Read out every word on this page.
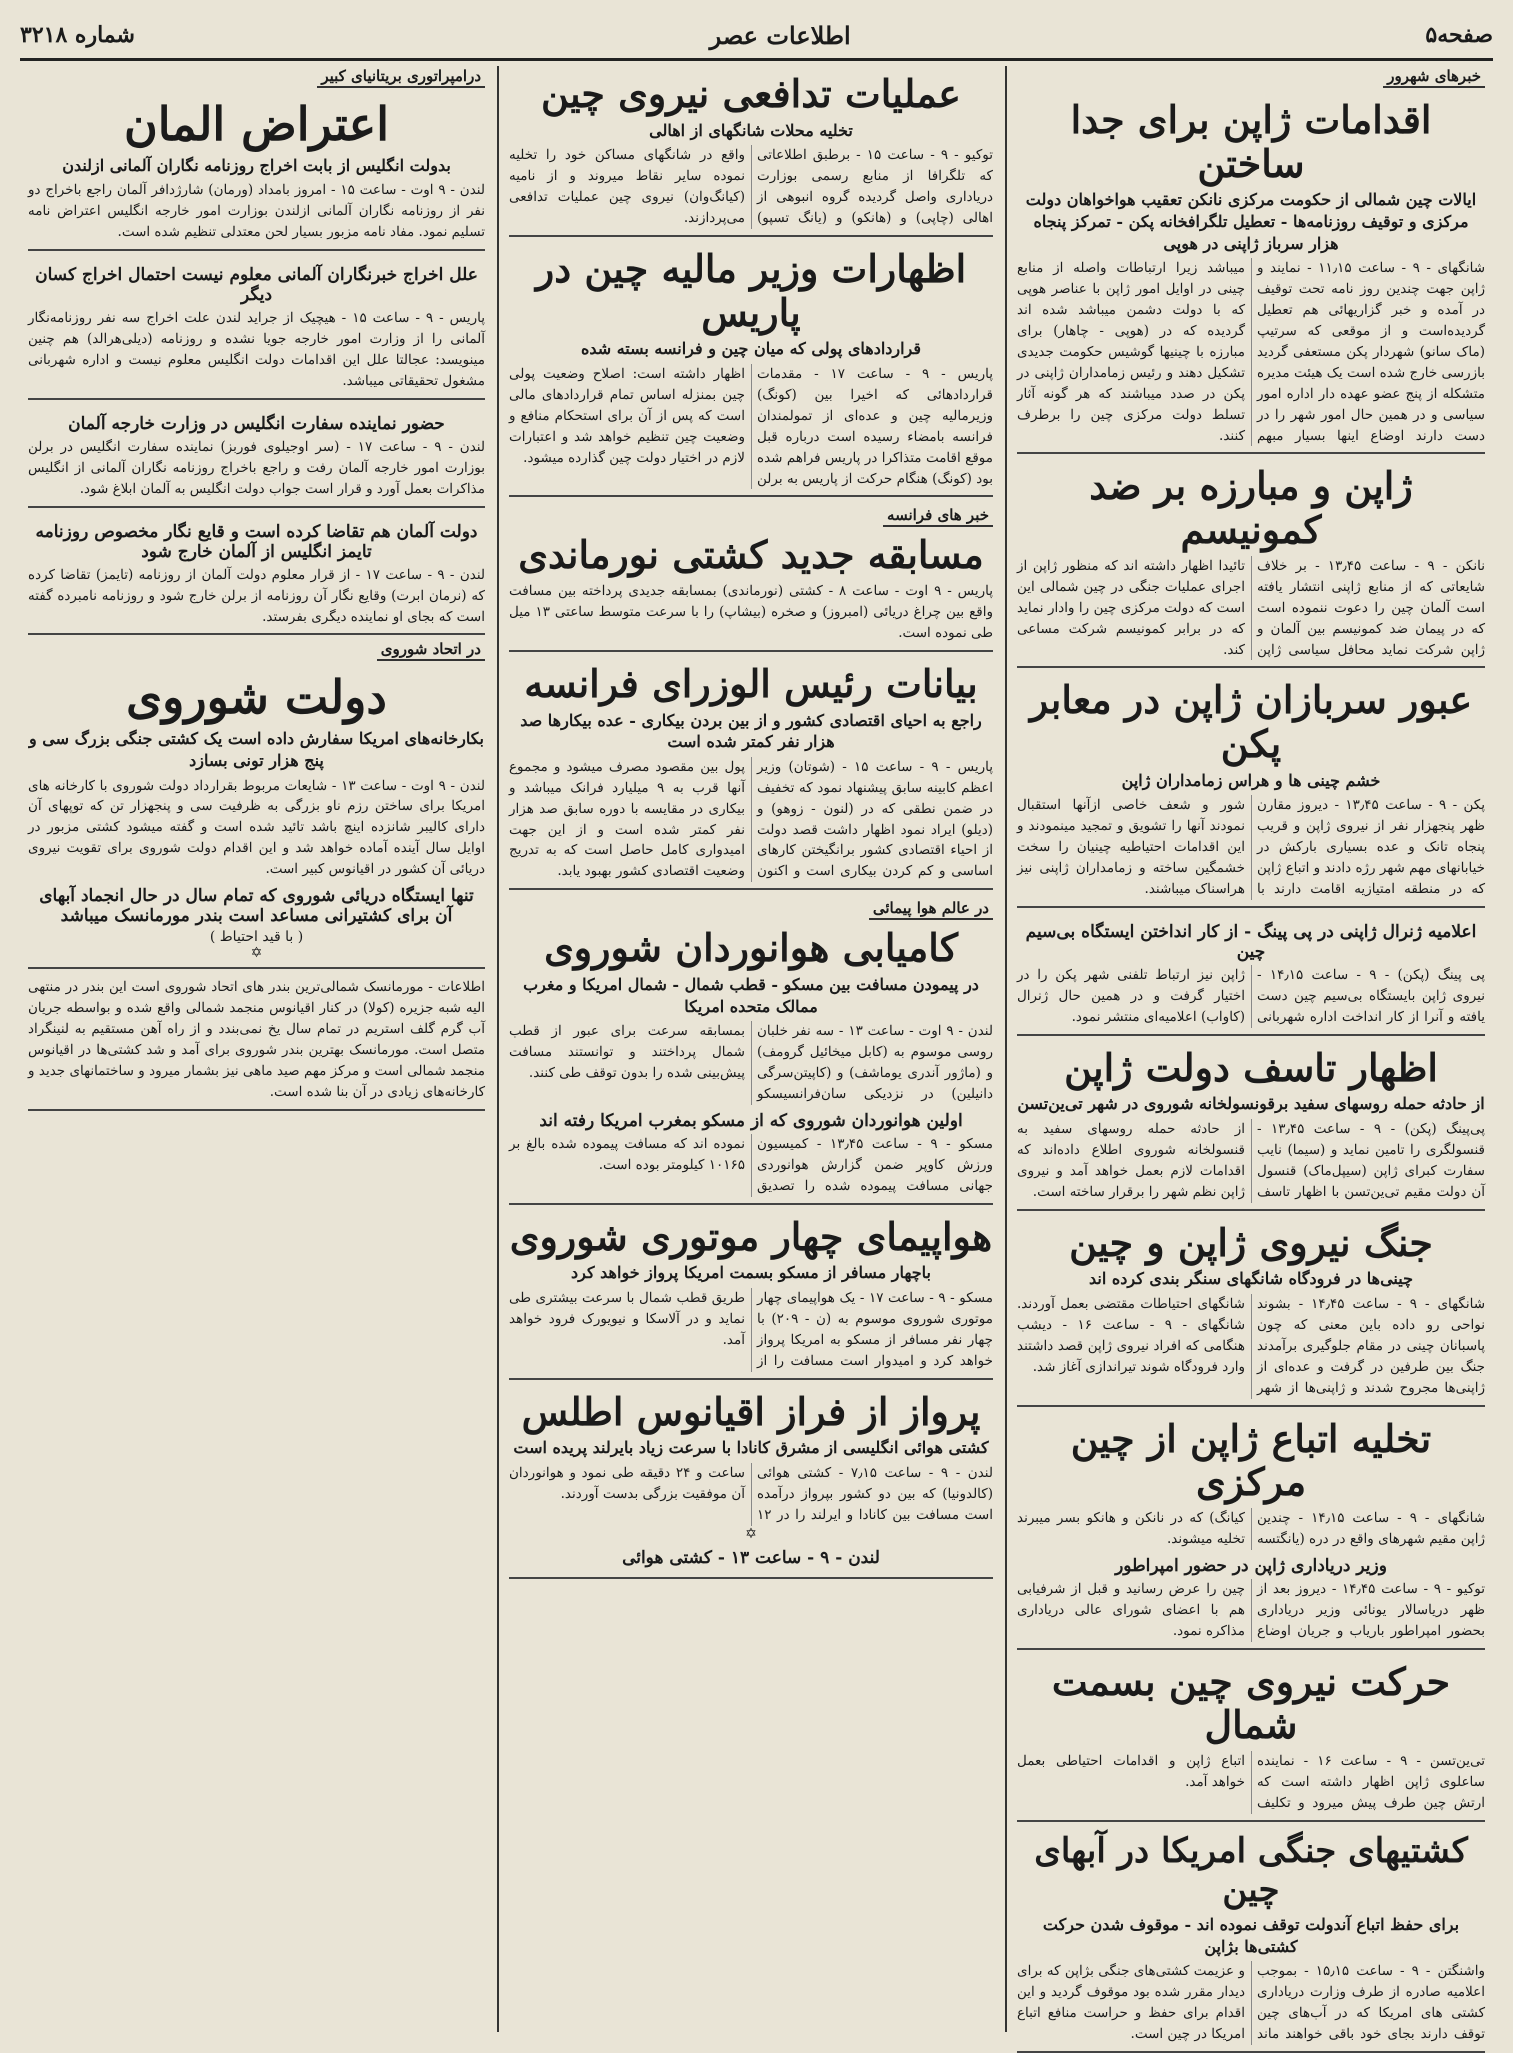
صفحه۵
اطلاعات عصر
شماره ۳۲۱۸
خبرهای شهرور
اقدامات ژاپن برای جدا ساختن
ایالات چین شمالی از حکومت مرکزی نانکن تعقیب هواخواهان دولت مرکزی و توقیف روزنامه‌ها - تعطیل تلگرافخانه پکن - تمرکز پنجاه هزار سرباز ژاپنی در هوپی
شانگهای - ۹ - ساعت ۱۱٫۱۵ - نمایند و ژاپن جهت چندین روز نامه تحت توقیف در آمده و خبر گزاریهائی هم تعطیل گردیده‌است و از موقعی که سرتیپ (ماک سانو) شهردار پکن مستعفی گردید بازرسی خارج شده است یک هیئت مدیره متشکله از پنج عضو عهده دار اداره امور سیاسی و در همین حال امور شهر را در دست دارند اوضاع اینها بسیار مبهم میباشد زیرا ارتباطات واصله از منابع چینی در اوایل امور ژاپن با عناصر هوپی که با دولت دشمن میباشد شده اند گردیده که در (هوپی - چاهار) برای مبارزه با چینیها گوشیس حکومت جدیدی تشکیل دهند و رئیس زمامداران ژاپنی در پکن در صدد میباشند که هر گونه آثار تسلط دولت مرکزی چین را برطرف کنند.
ژاپن و مبارزه بر ضد کمونیسم
نانکن - ۹ - ساعت ۱۳٫۴۵ - بر خلاف شایعاتی که از منابع ژاپنی انتشار یافته است آلمان چین را دعوت ننموده است که در پیمان ضد کمونیسم بین آلمان و ژاپن شرکت نماید محافل سیاسی ژاپن تائیدا اظهار داشته اند که منظور ژاپن از اجرای عملیات جنگی در چین شمالی این است که دولت مرکزی چین را وادار نماید که در برابر کمونیسم شرکت مساعی کند.
عبور سربازان ژاپن در معابر پکن
خشم چینی ها و هراس زمامداران ژاپن
پکن - ۹ - ساعت ۱۳٫۴۵ - دیروز مقارن ظهر پنجهزار نفر از نیروی ژاپن و قریب پنجاه تانک و عده بسیاری بارکش در خیابانهای مهم شهر رژه دادند و اتباع ژاپن که در منطقه امتیازیه اقامت دارند با شور و شعف خاصی ازآنها استقبال نمودند آنها را تشویق و تمجید مینمودند و این اقدامات احتیاطیه چینیان را سخت خشمگین ساخته و زمامداران ژاپنی نیز هراسناک میباشند.
اعلامیه ژنرال ژاپنی در پی پینگ - از کار انداختن ایستگاه بی‌سیم چین
پی پینگ (پکن) - ۹ - ساعت ۱۴٫۱۵ - نیروی ژاپن بایستگاه بی‌سیم چین دست یافته و آنرا از کار انداخت اداره شهربانی ژاپن نیز ارتباط تلفنی شهر پکن را در اختیار گرفت و در همین حال ژنرال (کاواب) اعلامیه‌ای منتشر نمود.
اظهار تاسف دولت ژاپن
از حادثه حمله روسهای سفید برقونسولخانه شوروی در شهر تی‌ین‌تسن
پی‌پینگ (پکن) - ۹ - ساعت ۱۳٫۴۵ - قنسولگری را تامین نماید و (سیما) نایب سفارت کبرای ژاپن (سیپل‌ماک) قنسول آن دولت مقیم تی‌ین‌تسن با اظهار تاسف از حادثه حمله روسهای سفید به قنسولخانه شوروی اطلاع داده‌اند که اقدامات لازم بعمل خواهد آمد و نیروی ژاپن نظم شهر را برقرار ساخته است.
جنگ نیروی ژاپن و چین
چینی‌ها در فرودگاه شانگهای سنگر بندی کرده اند
شانگهای - ۹ - ساعت ۱۴٫۴۵ - بشوند نواحی رو داده باین معنی که چون پاسبانان چینی در مقام جلوگیری برآمدند جنگ بین طرفین در گرفت و عده‌ای از ژاپنی‌ها مجروح شدند و ژاپنی‌ها از شهر شانگهای احتیاطات مقتضی بعمل آوردند. شانگهای - ۹ - ساعت ۱۶ - دیشب هنگامی که افراد نیروی ژاپن قصد داشتند وارد فرودگاه شوند تیراندازی آغاز شد.
تخلیه اتباع ژاپن از چین مرکزی
شانگهای - ۹ - ساعت ۱۴٫۱۵ - چندین ژاپن مقیم شهرهای واقع در دره (یانگتسه کیانگ) که در نانکن و هانکو بسر میبرند تخلیه میشوند.
وزیر دریاداری ژاپن در حضور امپراطور
توکیو - ۹ - ساعت ۱۴٫۴۵ - دیروز بعد از ظهر دریاسالار یونائی وزیر دریاداری بحضور امپراطور باریاب و جریان اوضاع چین را عرض رسانید و قبل از شرفیابی هم با اعضای شورای عالی دریاداری مذاکره نمود.
حرکت نیروی چین بسمت شمال
تی‌ین‌تسن - ۹ - ساعت ۱۶ - نماینده ساعلوی ژاپن اظهار داشته است که ارتش چین طرف پیش میرود و تکلیف اتباع ژاپن و اقدامات احتیاطی بعمل خواهد آمد.
کشتیهای جنگی امریکا در آبهای چین
برای حفظ اتباع آندولت توقف نموده اند - موقوف شدن حرکت کشتی‌ها بژاپن
واشنگتن - ۹ - ساعت ۱۵٫۱۵ - بموجب اعلامیه صادره از طرف وزارت دریاداری کشتی های امریکا که در آب‌های چین توقف دارند بجای خود باقی خواهند ماند و عزیمت کشتی‌های جنگی بژاپن که برای دیدار مقرر شده بود موقوف گردید و این اقدام برای حفظ و حراست منافع اتباع امریکا در چین است.
عملیات تدافعی نیروی چین
تخلیه محلات شانگهای از اهالی
توکیو - ۹ - ساعت ۱۵ - برطبق اطلاعاتی که تلگرافا از منابع رسمی بوزارت دریاداری واصل گردیده گروه انبوهی از اهالی (چاپی) و (هانکو) و (یانگ تسپو) واقع در شانگهای مساکن خود را تخلیه نموده سایر نقاط میروند و از نامیه (کیانگ‌وان) نیروی چین عملیات تدافعی می‌پردازند.
اظهارات وزیر مالیه چین در پاریس
قراردادهای پولی که میان چین و فرانسه بسته شده
پاریس - ۹ - ساعت ۱۷ - مقدمات قراردادهائی که اخیرا بین (کونگ) وزیرمالیه چین و عده‌ای از تمولمندان فرانسه بامضاء رسیده است درباره قبل موقع اقامت متذاکرا در پاریس فراهم شده بود (کونگ) هنگام حرکت از پاریس به برلن اظهار داشته است: اصلاح وضعیت پولی چین بمنزله اساس تمام قراردادهای مالی است که پس از آن برای استحکام منافع و وضعیت چین تنظیم خواهد شد و اعتبارات لازم در اختیار دولت چین گذارده میشود.
خبر های فرانسه
مسابقه جدید کشتی نورماندی
پاریس - ۹ اوت - ساعت ۸ - کشتی (نورماندی) بمسابقه جدیدی پرداخته بین مسافت واقع بین چراغ دریائی (امبروز) و صخره (بیشاپ) را با سرعت متوسط ساعتی ۱۳ میل طی نموده است.
بیانات رئیس الوزرای فرانسه
راجع به احیای اقتصادی کشور و از بین بردن بیکاری - عده بیکارها صد هزار نفر کمتر شده است
پاریس - ۹ - ساعت ۱۵ - (شوتان) وزیر اعظم کابینه سابق پیشنهاد نمود که تخفیف در ضمن نطقی که در (لنون - زوهو) و (دیلو) ایراد نمود اظهار داشت قصد دولت از احیاء اقتصادی کشور برانگیختن کارهای اساسی و کم کردن بیکاری است و اکنون پول بین مقصود مصرف میشود و مجموع آنها قرب به ۹ میلیارد فرانک میباشد و بیکاری در مقایسه با دوره سابق صد هزار نفر کمتر شده است و از این جهت امیدواری کامل حاصل است که به تدریج وضعیت اقتصادی کشور بهبود یابد.
در عالم هوا پیمائی
کامیابی هوانوردان شوروی
در پیمودن مسافت بین مسکو - قطب شمال - شمال امریکا و مغرب ممالک متحده امریکا
لندن - ۹ اوت - ساعت ۱۳ - سه نفر خلبان روسی موسوم به (کابل میخائیل گرومف) و (ماژور آندری یوماشف) و (کاپیتن‌سرگی دانیلین) در نزدیکی سان‌فرانسیسکو بمسابقه سرعت برای عبور از قطب شمال پرداختند و توانستند مسافت پیش‌بینی شده را بدون توقف طی کنند.
اولین هوانوردان شوروی که از مسکو بمغرب امریکا رفته اند
مسکو - ۹ - ساعت ۱۳٫۴۵ - کمیسیون ورزش کاوپر ضمن گزارش هوانوردی جهانی مسافت پیموده شده را تصدیق نموده اند که مسافت پیموده شده بالغ بر ۱۰۱۶۵ کیلومتر بوده است.
هواپیمای چهار موتوری شوروی
باچهار مسافر از مسکو بسمت امریکا پرواز خواهد کرد
مسکو - ۹ - ساعت ۱۷ - یک هواپیمای چهار موتوری شوروی موسوم به (ن - ۲۰۹) با چهار نفر مسافر از مسکو به امریکا پرواز خواهد کرد و امیدوار است مسافت را از طریق قطب شمال با سرعت بیشتری طی نماید و در آلاسکا و نیویورک فرود خواهد آمد.
پرواز از فراز اقیانوس اطلس
کشتی هوائی انگلیسی از مشرق کانادا با سرعت زیاد بایرلند پریده است
لندن - ۹ - ساعت ۷٫۱۵ - کشتی هوائی (کالدونیا) که بین دو کشور بپرواز درآمده است مسافت بین کانادا و ایرلند را در ۱۲ ساعت و ۲۴ دقیقه طی نمود و هوانوردان آن موفقیت بزرگی بدست آوردند.
✡
لندن - ۹ - ساعت ۱۳ - کشتی هوائی
درامپراتوری بریتانیای کبیر
اعتراض المان
بدولت انگلیس از بابت اخراج روزنامه نگاران آلمانی ازلندن
لندن - ۹ اوت - ساعت ۱۵ - امروز بامداد (ورمان) شارژدافر آلمان راجع باخراج دو نفر از روزنامه نگاران آلمانی ازلندن بوزارت امور خارجه انگلیس اعتراض نامه تسلیم نمود. مفاد نامه مزبور بسیار لحن معتدلی تنظیم شده است.
علل اخراج خبرنگاران آلمانی معلوم نیست احتمال اخراج کسان دیگر
پاریس - ۹ - ساعت ۱۵ - هیچیک از جراید لندن علت اخراج سه نفر روزنامه‌نگار آلمانی را از وزارت امور خارجه جویا نشده و روزنامه (دیلی‌هرالد) هم چنین مینویسد: عجالتا علل این اقدامات دولت انگلیس معلوم نیست و اداره شهربانی مشغول تحقیقاتی میباشد.
حضور نماینده سفارت انگلیس در وزارت خارجه آلمان
لندن - ۹ - ساعت ۱۷ - (سر اوجیلوی فوربز) نماینده سفارت انگلیس در برلن بوزارت امور خارجه آلمان رفت و راجع باخراج روزنامه نگاران آلمانی از انگلیس مذاکرات بعمل آورد و قرار است جواب دولت انگلیس به آلمان ابلاغ شود.
دولت آلمان هم تقاضا کرده است و قایع نگار مخصوص روزنامه تایمز انگلیس از آلمان خارج شود
لندن - ۹ - ساعت ۱۷ - از قرار معلوم دولت آلمان از روزنامه (تایمز) تقاضا کرده که (نرمان ابرت) وقایع نگار آن روزنامه از برلن خارج شود و روزنامه نامبرده گفته است که بجای او نماینده دیگری بفرستد.
در اتحاد شوروی
دولت شوروی
بکارخانه‌های امریکا سفارش داده است یک کشتی جنگی بزرگ سی و پنج هزار تونی بسازد
لندن - ۹ اوت - ساعت ۱۳ - شایعات مربوط بقرارداد دولت شوروی با کارخانه های امریکا برای ساختن رزم ناو بزرگی به ظرفیت سی و پنجهزار تن که توپهای آن دارای کالیبر شانزده اینچ باشد تائید شده است و گفته میشود کشتی مزبور در اوایل سال آینده آماده خواهد شد و این اقدام دولت شوروی برای تقویت نیروی دریائی آن کشور در اقیانوس کبیر است.
تنها ایستگاه دریائی شوروی که تمام سال در حال انجماد آبهای آن برای کشتیرانی مساعد است بندر مورمانسک میباشد
( با قید احتیاط )
✡
اطلاعات - مورمانسک شمالی‌ترین بندر های اتحاد شوروی است این بندر در منتهی الیه شبه جزیره (کولا) در کنار اقیانوس منجمد شمالی واقع شده و بواسطه جریان آب گرم گلف استریم در تمام سال یخ نمی‌بندد و از راه آهن مستقیم به لنینگراد متصل است. مورمانسک بهترین بندر شوروی برای آمد و شد کشتی‌ها در اقیانوس منجمد شمالی است و مرکز مهم صید ماهی نیز بشمار میرود و ساختمانهای جدید و کارخانه‌های زیادی در آن بنا شده است.
